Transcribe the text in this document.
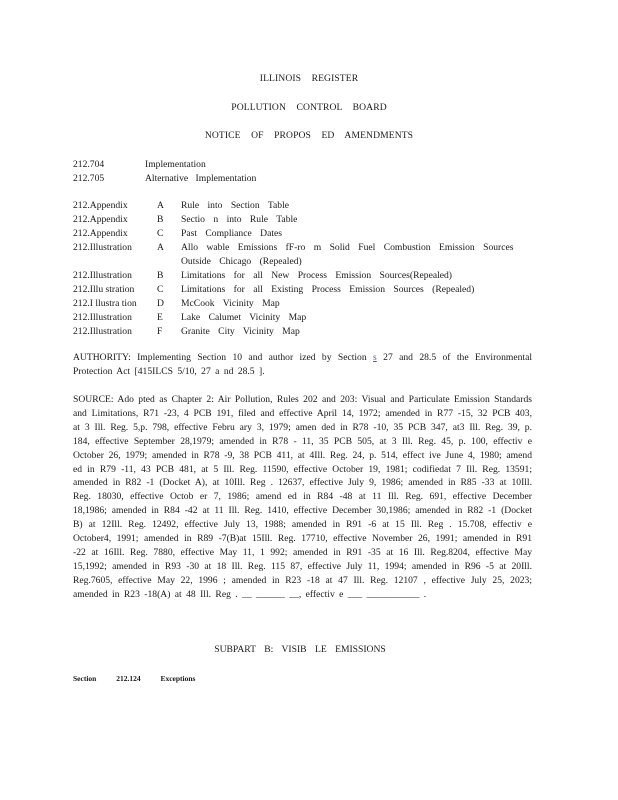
ILLINOIS REGISTER
POLLUTION CONTROL BOARD
NOTICE OF PROPOS ED AMENDMENTS
212.704	Implementation
212.705	Alternative Implementation
212.Appendix	A	Rule into Section Table
212.Appendix	B	Sectio n into Rule Table
212.Appendix	C	Past Compliance Dates
212.Illustration	A	Allo wable Emissions fF-ro m Solid Fuel Combustion Emission Sources
Outside Chicago (Repealed)
212.Illustration	B	Limitations for all New Process Emission Sources(Repealed)
212.Illu stration	C	Limitations for all Existing Process Emission Sources (Repealed)
212.I llustra tion	D	McCook Vicinity Map
212.Illustration	E	Lake Calumet Vicinity Map
212.Illustration	F	Granite City Vicinity Map
AUTHORITY: Implementing Section 10 and author ized by Section s 27 and 28.5 of the Environmental Protection Act [415ILCS 5/10, 27 a nd 28.5 ].
SOURCE: Ado pted as Chapter 2: Air Pollution, Rules 202 and 203: Visual and Particulate Emission Standards and Limitations, R71 -23, 4 PCB 191, filed and effective April 14, 1972; amended in R77 -15, 32 PCB 403, at 3 Ill. Reg. 5,p. 798, effective Febru ary 3, 1979; amen ded in R78 -10, 35 PCB 347, at3 Ill. Reg. 39, p. 184, effective September 28,1979; amended in R78 - 11, 35 PCB 505, at 3 Ill. Reg. 45, p. 100, effectiv e October 26, 1979; amended in R78 -9, 38 PCB 411, at 4Ill. Reg. 24, p. 514, effect ive June 4, 1980; amend ed in R79 -11, 43 PCB 481, at 5 Ill. Reg. 11590, effective October 19, 1981; codifiedat 7 Ill. Reg. 13591; amended in R82 -1 (Docket A), at 10Ill. Reg . 12637, effective July 9, 1986; amended in R85 -33 at 10Ill. Reg. 18030, effective Octob er 7, 1986; amend ed in R84 -48 at 11 Ill. Reg. 691, effective December 18,1986; amended in R84 -42 at 11 Ill. Reg. 1410, effective December 30,1986; amended in R82 -1 (Docket B) at 12Ill. Reg. 12492, effective July 13, 1988; amended in R91 -6 at 15 Ill. Reg . 15.708, effectiv e October4, 1991; amended in R89 -7(B)at 15Ill. Reg. 17710, effective November 26, 1991; amended in R91 -22 at 16Ill. Reg. 7880, effective May 11, 1 992; amended in R91 -35 at 16 Ill. Reg.8204, effective May 15,1992; amended in R93 -30 at 18 Ill. Reg. 115 87, effective July 11, 1994; amended in R96 -5 at 20Ill. Reg.7605, effective May 22, 1996 ; amended in R23 -18 at 47 Ill. Reg. 12107 , effective July 25, 2023; amended in R23 -18(A) at 48 Ill. Reg . __ ______ __, effectiv e ___ ___________ .
SUBPART B: VISIB LE EMISSIONS
Section	212.124	Exceptions
